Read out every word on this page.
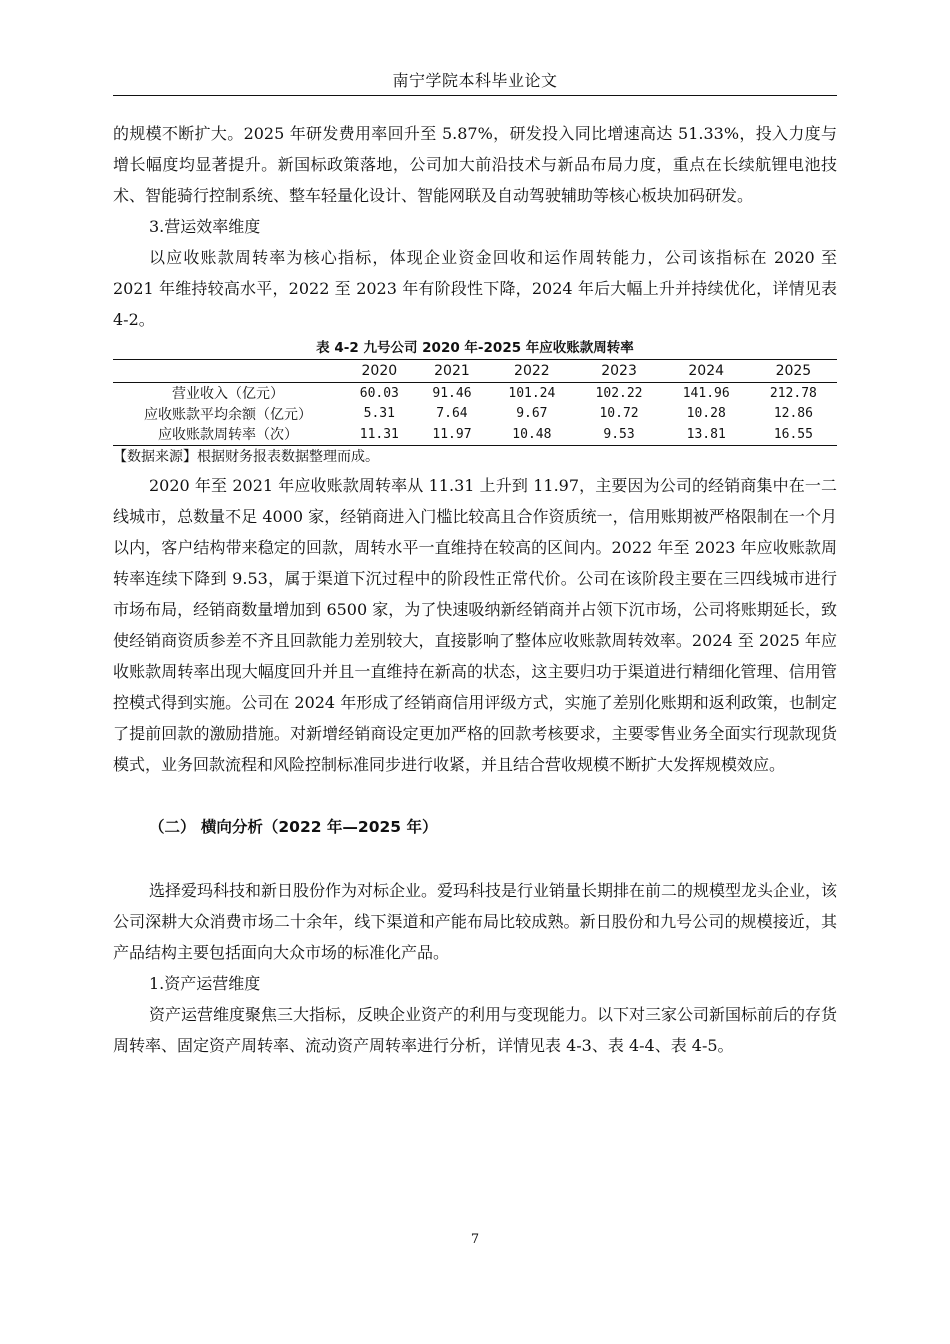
南宁学院本科毕业论文

的规模不断扩大。2025 年研发费用率回升至 5.87%，研发投入同比增速高达 51.33%，投入力度与增长幅度均显著提升。新国标政策落地，公司加大前沿技术与新品布局力度，重点在长续航锂电池技术、智能骑行控制系统、整车轻量化设计、智能网联及自动驾驶辅助等核心板块加码研发。

3.营运效率维度

以应收账款周转率为核心指标，体现企业资金回收和运作周转能力，公司该指标在 2020 至 2021 年维持较高水平，2022 至 2023 年有阶段性下降，2024 年后大幅上升并持续优化，详情见表 4-2。

表 4-2 九号公司 2020 年-2025 年应收账款周转率
	2020	2021	2022	2023	2024	2025
营业收入（亿元）	60.03	91.46	101.24	102.22	141.96	212.78
应收账款平均余额（亿元）	5.31	7.64	9.67	10.72	10.28	12.86
应收账款周转率（次）	11.31	11.97	10.48	9.53	13.81	16.55
【数据来源】根据财务报表数据整理而成。

2020 年至 2021 年应收账款周转率从 11.31 上升到 11.97，主要因为公司的经销商集中在一二线城市，总数量不足 4000 家，经销商进入门槛比较高且合作资质统一，信用账期被严格限制在一个月以内，客户结构带来稳定的回款，周转水平一直维持在较高的区间内。2022 年至 2023 年应收账款周转率连续下降到 9.53，属于渠道下沉过程中的阶段性正常代价。公司在该阶段主要在三四线城市进行市场布局，经销商数量增加到 6500 家，为了快速吸纳新经销商并占领下沉市场，公司将账期延长，致使经销商资质参差不齐且回款能力差别较大，直接影响了整体应收账款周转效率。2024 至 2025 年应收账款周转率出现大幅度回升并且一直维持在新高的状态，这主要归功于渠道进行精细化管理、信用管控模式得到实施。公司在 2024 年形成了经销商信用评级方式，实施了差别化账期和返利政策，也制定了提前回款的激励措施。对新增经销商设定更加严格的回款考核要求，主要零售业务全面实行现款现货模式，业务回款流程和风险控制标准同步进行收紧，并且结合营收规模不断扩大发挥规模效应。

（二） 横向分析（2022 年—2025 年）

选择爱玛科技和新日股份作为对标企业。爱玛科技是行业销量长期排在前二的规模型龙头企业，该公司深耕大众消费市场二十余年，线下渠道和产能布局比较成熟。新日股份和九号公司的规模接近，其产品结构主要包括面向大众市场的标准化产品。

1.资产运营维度

资产运营维度聚焦三大指标，反映企业资产的利用与变现能力。以下对三家公司新国标前后的存货周转率、固定资产周转率、流动资产周转率进行分析，详情见表 4-3、表 4-4、表 4-5。

7
